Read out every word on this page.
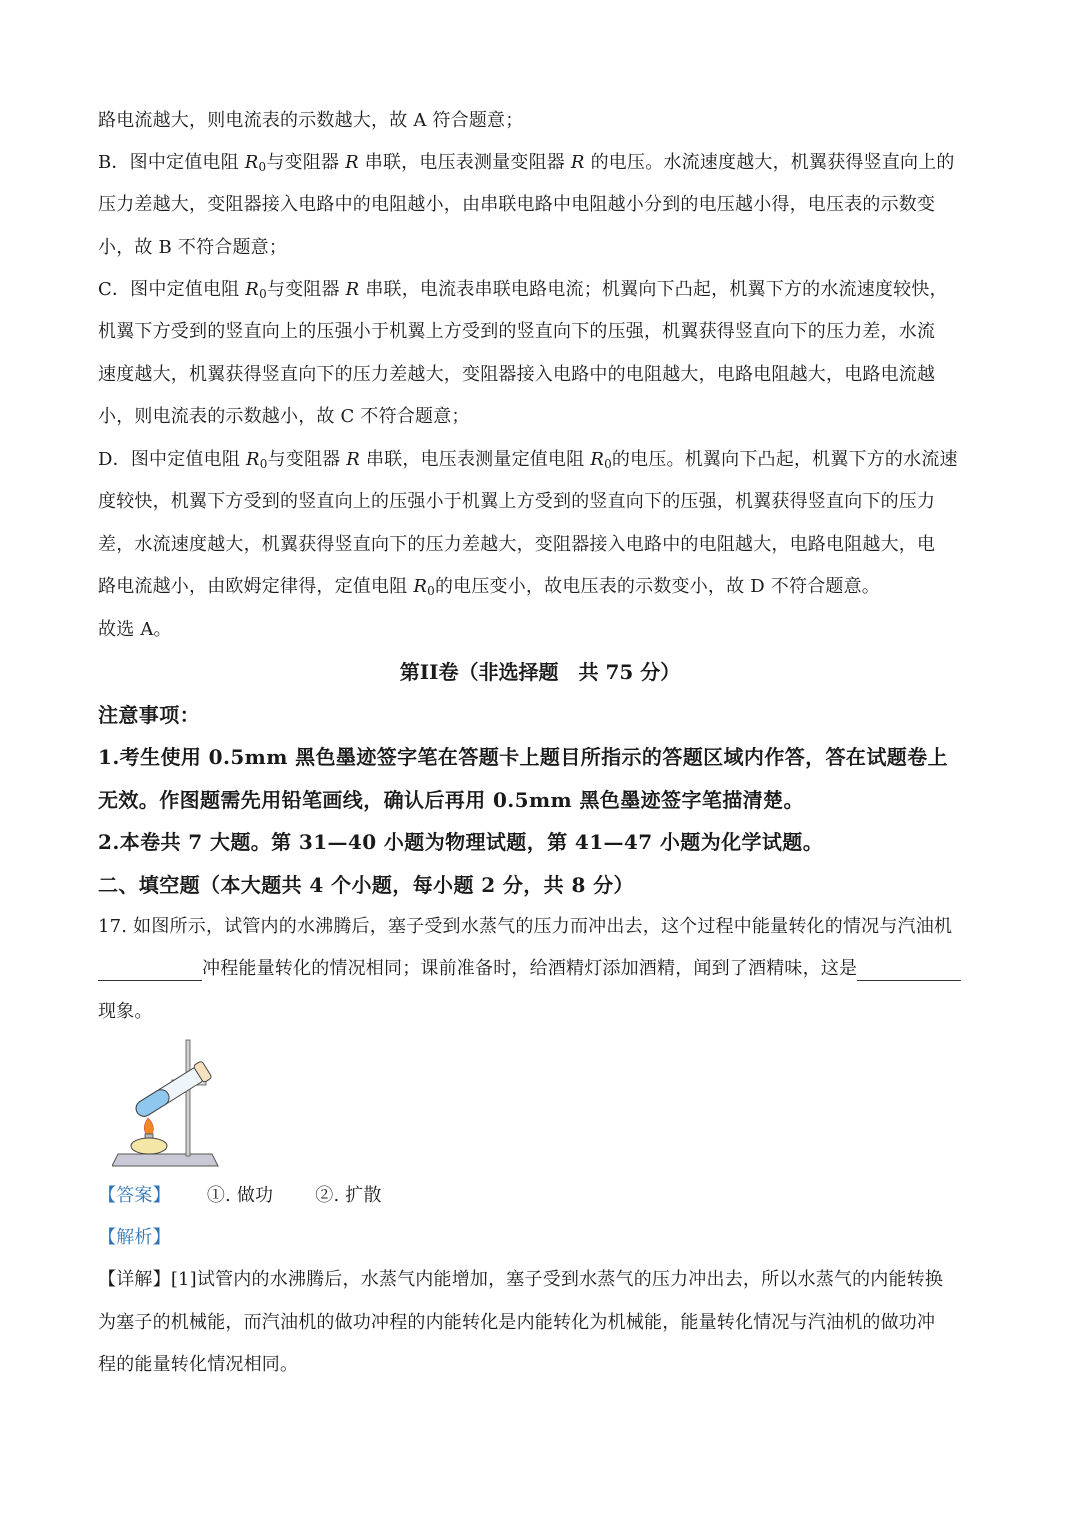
路电流越大，则电流表的示数越大，故 A 符合题意；
B．图中定值电阻 $R_0$与变阻器 R 串联，电压表测量变阻器 R 的电压。水流速度越大，机翼获得竖直向上的
压力差越大，变阻器接入电路中的电阻越小，由串联电路中电阻越小分到的电压越小得，电压表的示数变
小，故 B 不符合题意；
C．图中定值电阻 $R_0$与变阻器 R 串联，电流表串联电路电流；机翼向下凸起，机翼下方的水流速度较快，
机翼下方受到的竖直向上的压强小于机翼上方受到的竖直向下的压强，机翼获得竖直向下的压力差，水流
速度越大，机翼获得竖直向下的压力差越大，变阻器接入电路中的电阻越大，电路电阻越大，电路电流越
小，则电流表的示数越小，故 C 不符合题意；
D．图中定值电阻 $R_0$与变阻器 R 串联，电压表测量定值电阻 $R_0$的电压。机翼向下凸起，机翼下方的水流速
度较快，机翼下方受到的竖直向上的压强小于机翼上方受到的竖直向下的压强，机翼获得竖直向下的压力
差，水流速度越大，机翼获得竖直向下的压力差越大，变阻器接入电路中的电阻越大，电路电阻越大，电
路电流越小，由欧姆定律得，定值电阻 $R_0$的电压变小，故电压表的示数变小，故 D 不符合题意。
故选 A。
第II卷（非选择题　共 75 分）
注意事项：
1.考生使用 0.5mm 黑色墨迹签字笔在答题卡上题目所指示的答题区域内作答，答在试题卷上
无效。作图题需先用铅笔画线，确认后再用 0.5mm 黑色墨迹签字笔描清楚。
2.本卷共 7 大题。第 31—40 小题为物理试题，第 41—47 小题为化学试题。
二、填空题（本大题共 4 个小题，每小题 2 分，共 8 分）
17. 如图所示，试管内的水沸腾后，塞子受到水蒸气的压力而冲出去，这个过程中能量转化的情况与汽油机
冲程能量转化的情况相同；课前准备时，给酒精灯添加酒精，闻到了酒精味，这是
现象。
【答案】 ①. 做功 ②. 扩散
【解析】
【详解】[1]试管内的水沸腾后，水蒸气内能增加，塞子受到水蒸气的压力冲出去，所以水蒸气的内能转换
为塞子的机械能，而汽油机的做功冲程的内能转化是内能转化为机械能，能量转化情况与汽油机的做功冲
程的能量转化情况相同。
